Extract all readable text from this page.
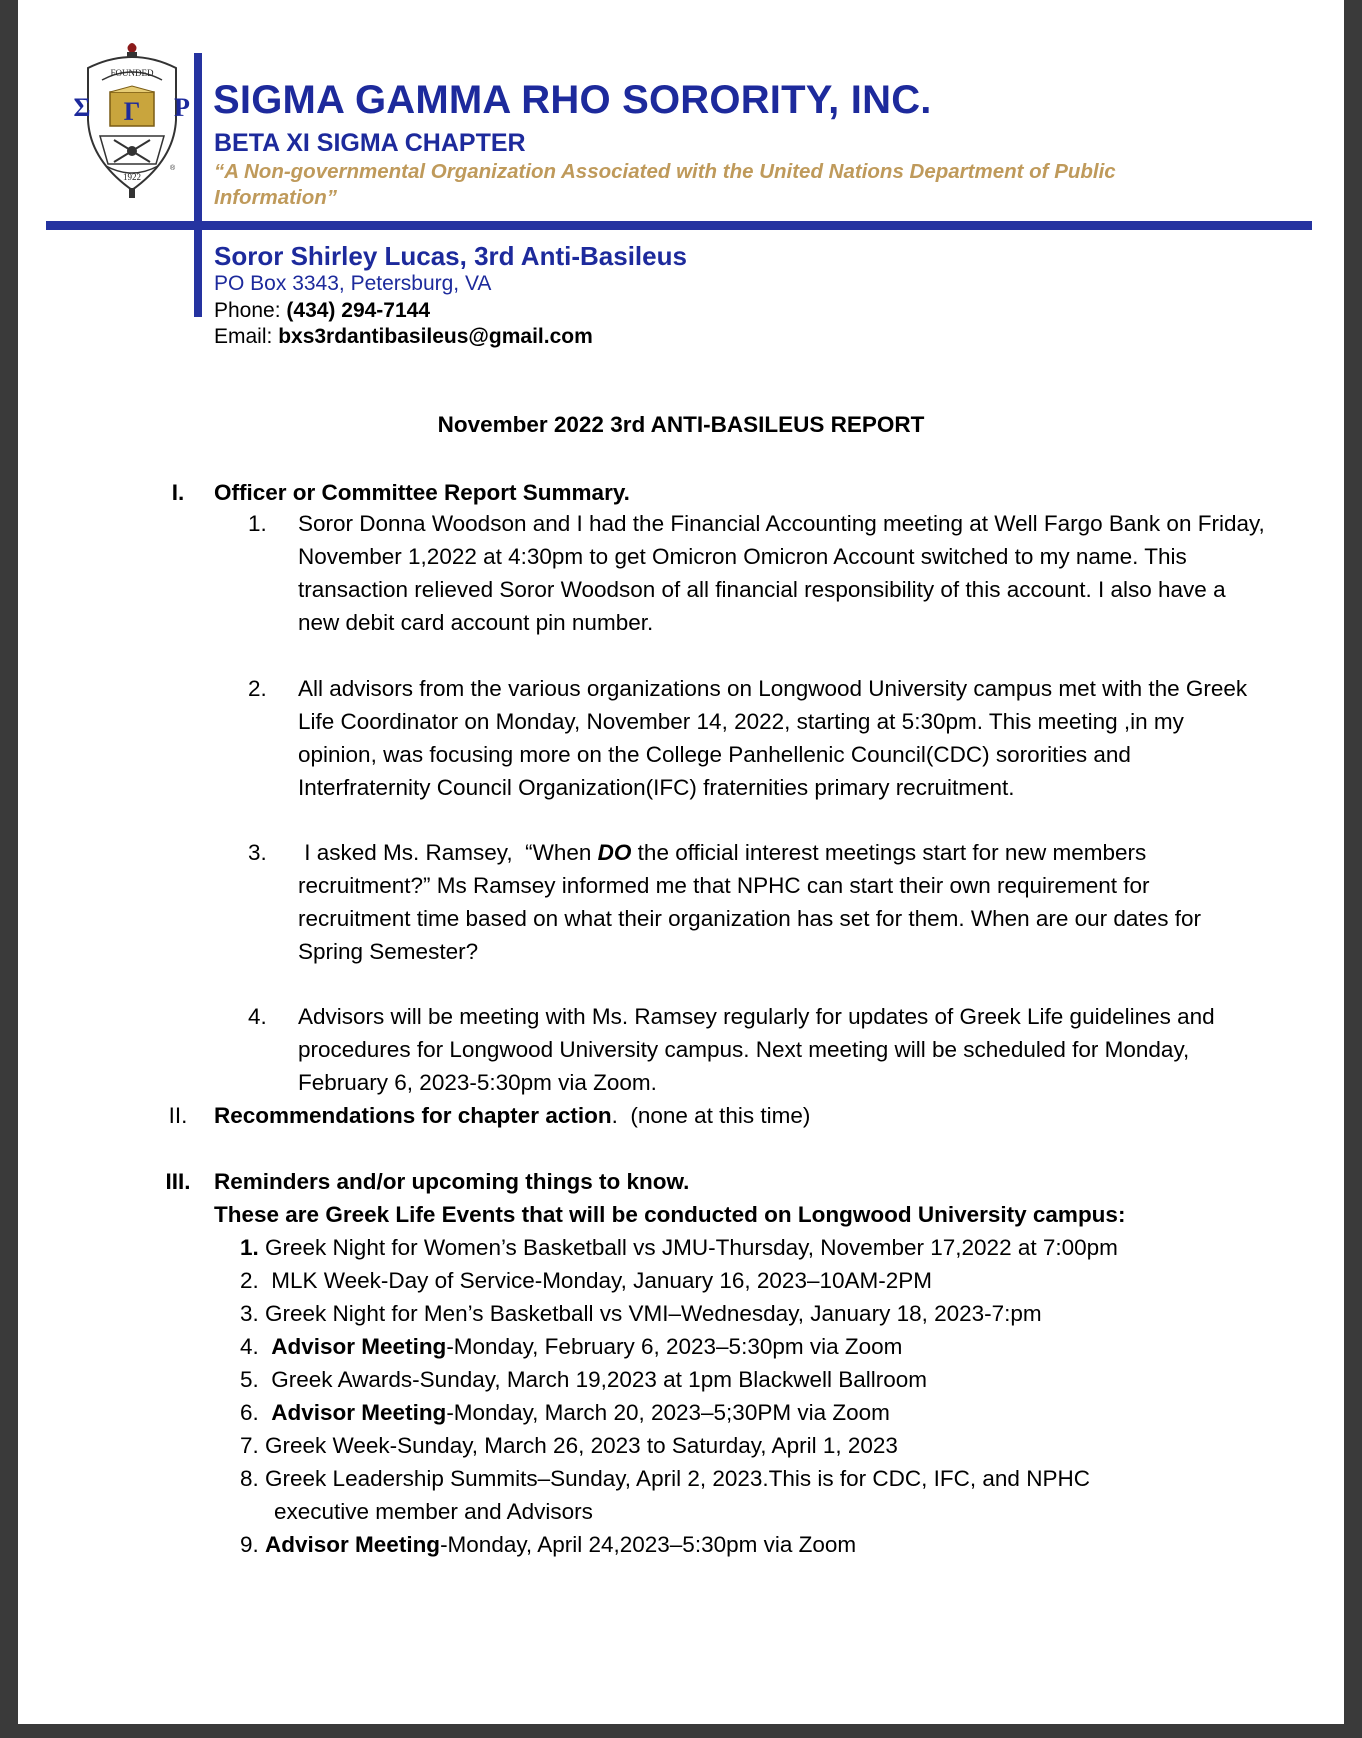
FOUNDED
Γ
Σ	Ρ
1922
®
SIGMA GAMMA RHO SORORITY, INC.
BETA XI SIGMA CHAPTER
“A Non-governmental Organization Associated with the United Nations Department of Public Information”
Soror Shirley Lucas, 3rd Anti-Basileus
PO Box 3343, Petersburg, VA
Phone: (434) 294-7144
Email: bxs3rdantibasileus@gmail.com
November 2022 3rd ANTI-BASILEUS REPORT
I.	Officer or Committee Report Summary.
1.	Soror Donna Woodson and I had the Financial Accounting meeting at Well Fargo Bank on Friday, November 1,2022 at 4:30pm to get Omicron Omicron Account switched to my name. This transaction relieved Soror Woodson of all financial responsibility of this account. I also have a new debit card account pin number.
2.	All advisors from the various organizations on Longwood University campus met with the Greek Life Coordinator on Monday, November 14, 2022, starting at 5:30pm. This meeting ,in my opinion, was focusing more on the College Panhellenic Council(CDC) sororities and Interfraternity Council Organization(IFC) fraternities primary recruitment.
3.	I asked Ms. Ramsey,  “When DO the official interest meetings start for new members recruitment?” Ms Ramsey informed me that NPHC can start their own requirement for recruitment time based on what their organization has set for them. When are our dates for Spring Semester?
4.	Advisors will be meeting with Ms. Ramsey regularly for updates of Greek Life guidelines and procedures for Longwood University campus. Next meeting will be scheduled for Monday, February 6, 2023-5:30pm via Zoom.
II.	Recommendations for chapter action.  (none at this time)
III.	Reminders and/or upcoming things to know.
These are Greek Life Events that will be conducted on Longwood University campus:
1. Greek Night for Women’s Basketball vs JMU-Thursday, November 17,2022 at 7:00pm
2.  MLK Week-Day of Service-Monday, January 16, 2023–10AM-2PM
3. Greek Night for Men’s Basketball vs VMI–Wednesday, January 18, 2023-7:pm
4. Advisor Meeting-Monday, February 6, 2023–5:30pm via Zoom
5.  Greek Awards-Sunday, March 19,2023 at 1pm Blackwell Ballroom
6. Advisor Meeting-Monday, March 20, 2023–5;30PM via Zoom
7. Greek Week-Sunday, March 26, 2023 to Saturday, April 1, 2023
8. Greek Leadership Summits–Sunday, April 2, 2023.This is for CDC, IFC, and NPHC
executive member and Advisors
9. Advisor Meeting-Monday, April 24,2023–5:30pm via Zoom
